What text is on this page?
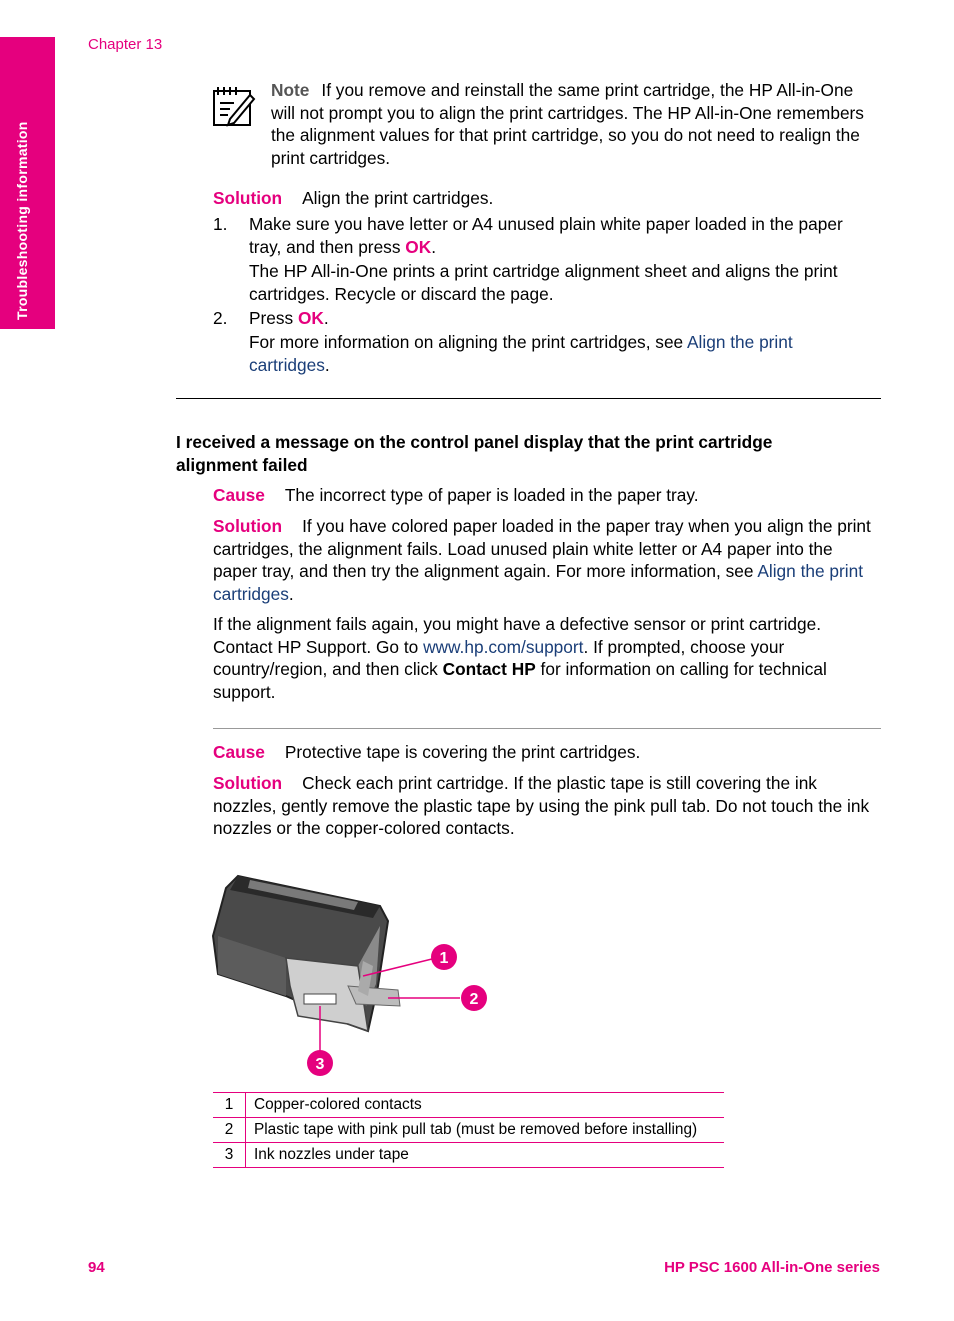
Troubleshooting information
Chapter 13
Note If you remove and reinstall the same print cartridge, the HP All-in-One will not prompt you to align the print cartridges. The HP All-in-One remembers the alignment values for that print cartridge, so you do not need to realign the print cartridges.
Solution Align the print cartridges.
1. Make sure you have letter or A4 unused plain white paper loaded in the paper tray, and then press OK.
The HP All-in-One prints a print cartridge alignment sheet and aligns the print cartridges. Recycle or discard the page.
2. Press OK.
For more information on aligning the print cartridges, see Align the print cartridges.
I received a message on the control panel display that the print cartridge alignment failed
Cause The incorrect type of paper is loaded in the paper tray.
Solution If you have colored paper loaded in the paper tray when you align the print cartridges, the alignment fails. Load unused plain white letter or A4 paper into the paper tray, and then try the alignment again. For more information, see Align the print cartridges.
If the alignment fails again, you might have a defective sensor or print cartridge. Contact HP Support. Go to www.hp.com/support. If prompted, choose your country/region, and then click Contact HP for information on calling for technical support.
Cause Protective tape is covering the print cartridges.
Solution Check each print cartridge. If the plastic tape is still covering the ink nozzles, gently remove the plastic tape by using the pink pull tab. Do not touch the ink nozzles or the copper-colored contacts.
1
2
3
1	Copper-colored contacts
2	Plastic tape with pink pull tab (must be removed before installing)
3	Ink nozzles under tape
94	HP PSC 1600 All-in-One series
